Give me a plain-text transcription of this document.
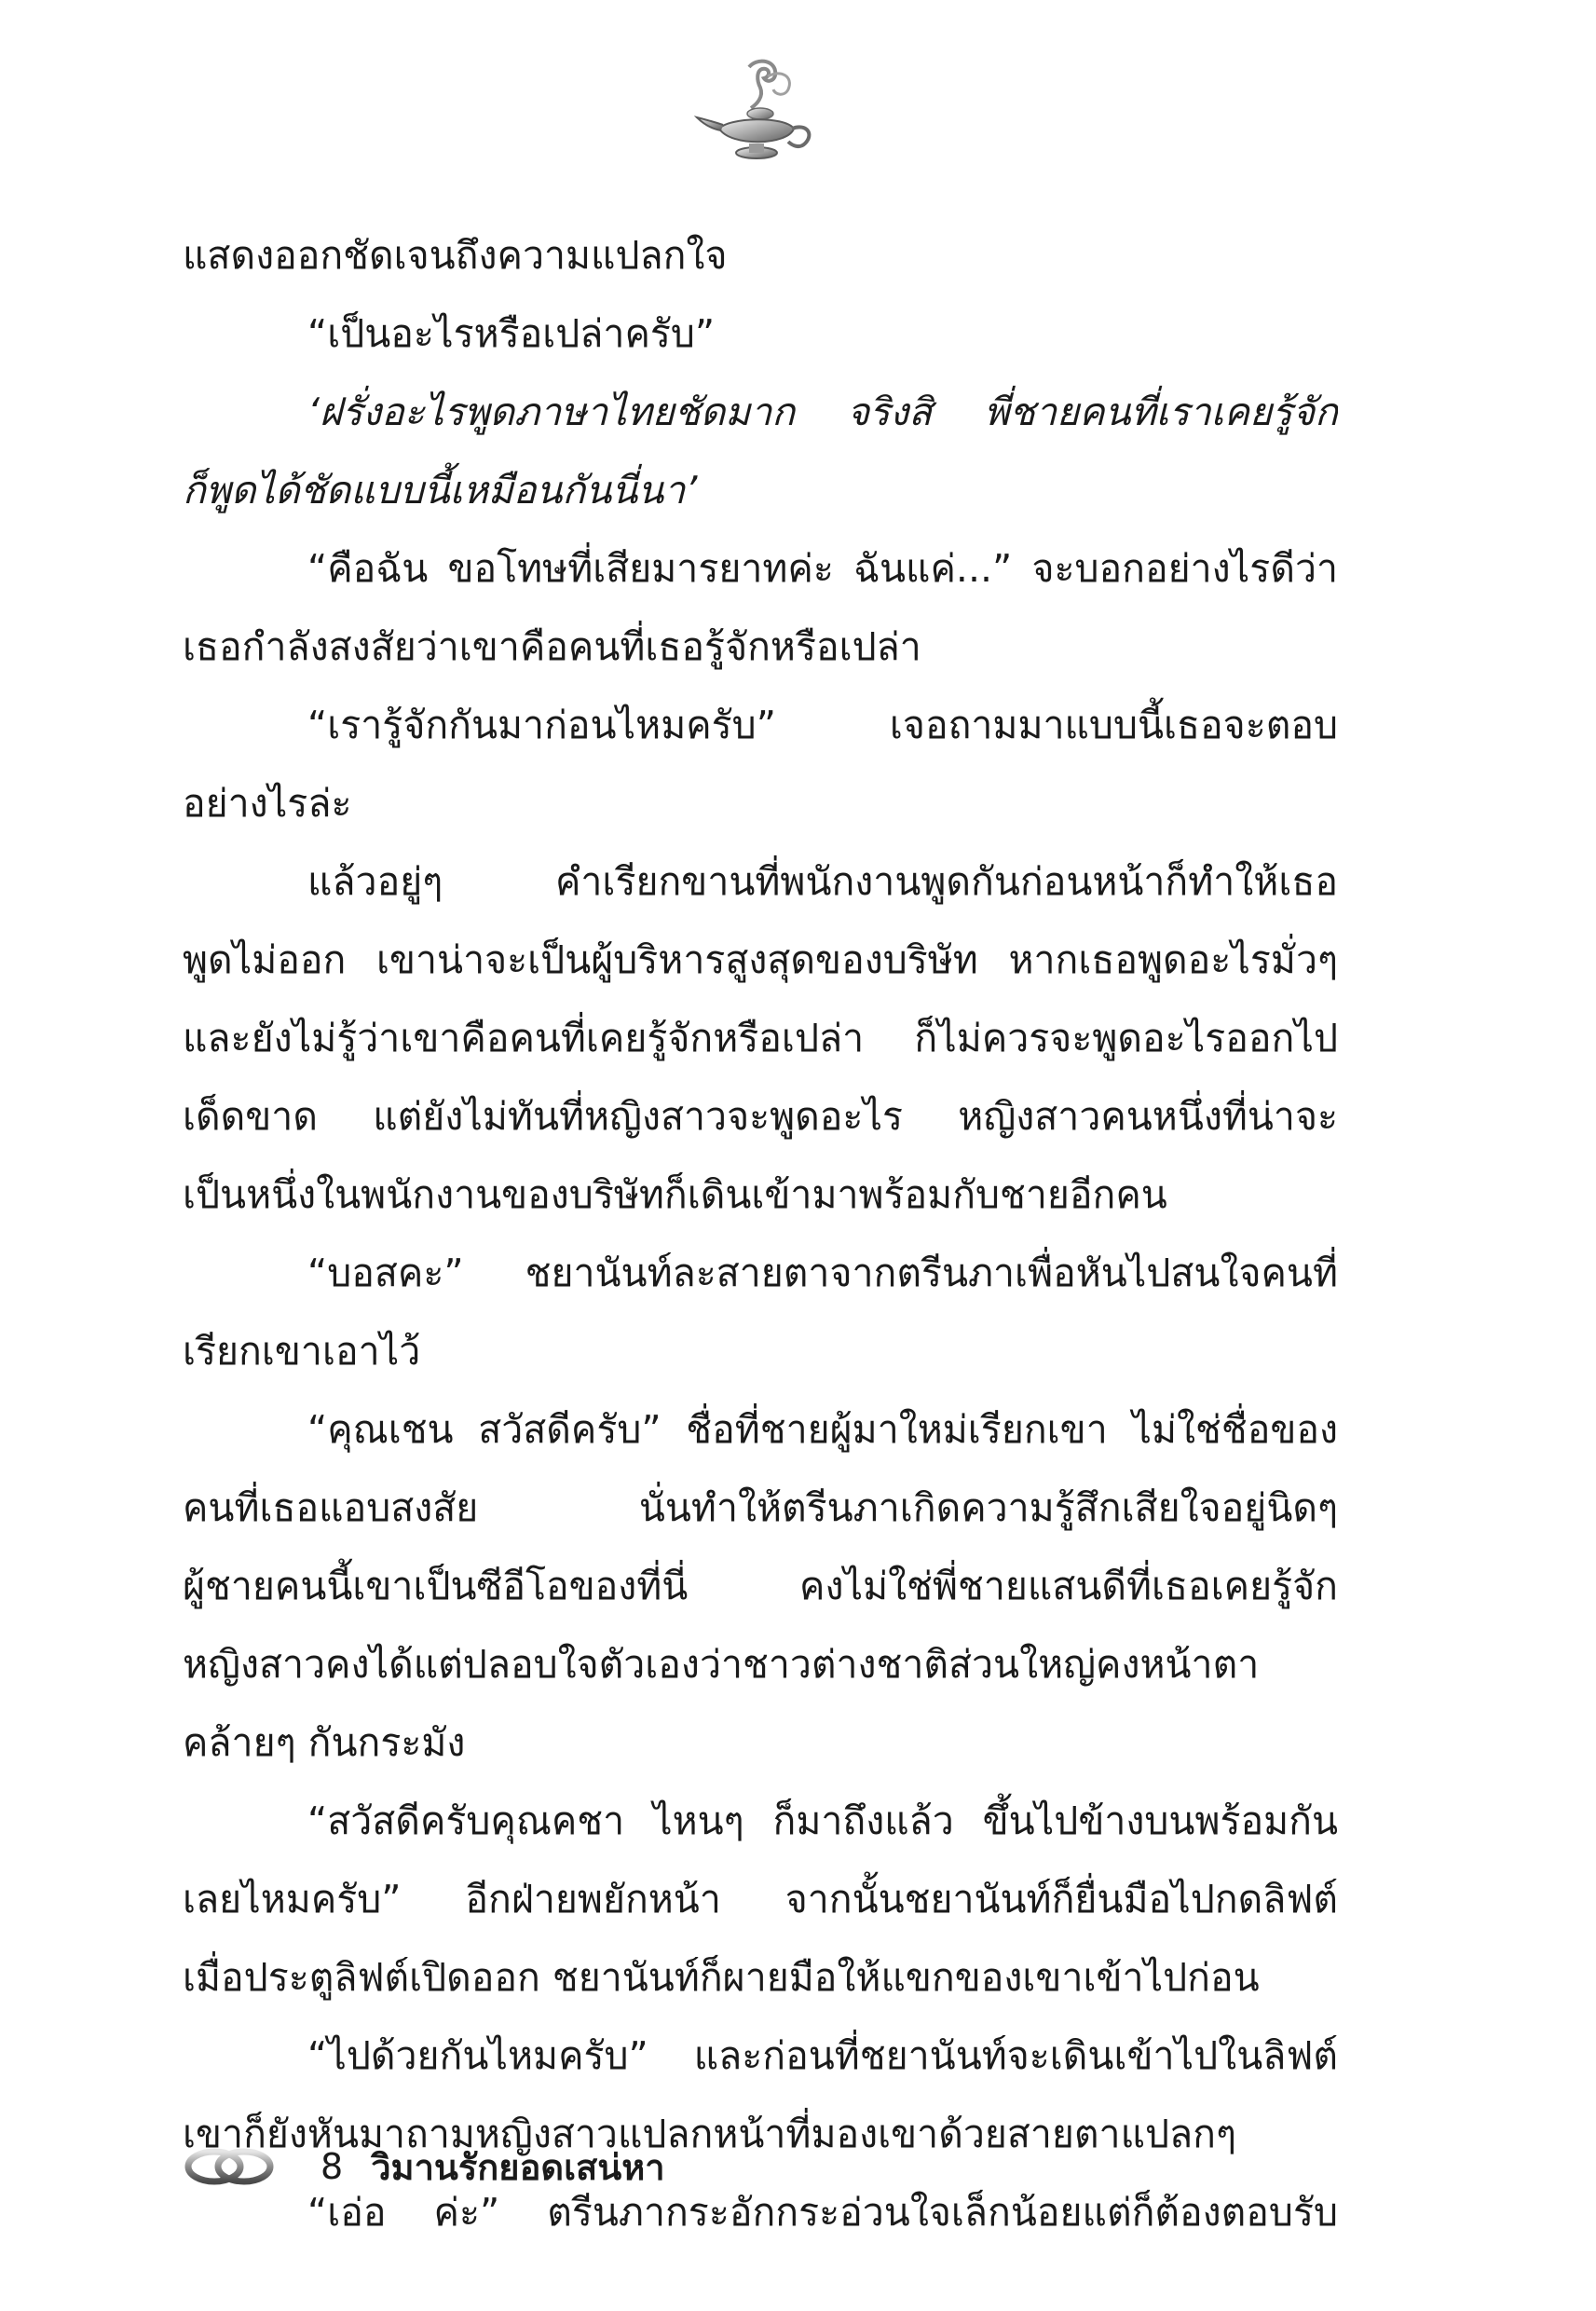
แสดงออกชัดเจนถึงความแปลกใจ
“เป็นอะไรหรือเปล่าครับ”
‘ฝรั่งอะไรพูดภาษาไทยชัดมาก จริงสิ พี่ชายคนที่เราเคยรู้จัก
ก็พูดได้ชัดแบบนี้เหมือนกันนี่นา’
“คือฉัน ขอโทษที่เสียมารยาทค่ะ ฉันแค่...” จะบอกอย่างไรดีว่า
เธอกำลังสงสัยว่าเขาคือคนที่เธอรู้จักหรือเปล่า
“เรารู้จักกันมาก่อนไหมครับ” เจอถามมาแบบนี้เธอจะตอบ
อย่างไรล่ะ
แล้วอยู่ๆ คำเรียกขานที่พนักงานพูดกันก่อนหน้าก็ทำให้เธอ
พูดไม่ออก เขาน่าจะเป็นผู้บริหารสูงสุดของบริษัท หากเธอพูดอะไรมั่วๆ
และยังไม่รู้ว่าเขาคือคนที่เคยรู้จักหรือเปล่า ก็ไม่ควรจะพูดอะไรออกไป
เด็ดขาด แต่ยังไม่ทันที่หญิงสาวจะพูดอะไร หญิงสาวคนหนึ่งที่น่าจะ
เป็นหนึ่งในพนักงานของบริษัทก็เดินเข้ามาพร้อมกับชายอีกคน
“บอสคะ” ชยานันท์ละสายตาจากตรีนภาเพื่อหันไปสนใจคนที่
เรียกเขาเอาไว้
“คุณเชน สวัสดีครับ” ชื่อที่ชายผู้มาใหม่เรียกเขา ไม่ใช่ชื่อของ
คนที่เธอแอบสงสัย นั่นทำให้ตรีนภาเกิดความรู้สึกเสียใจอยู่นิดๆ
ผู้ชายคนนี้เขาเป็นซีอีโอของที่นี่ คงไม่ใช่พี่ชายแสนดีที่เธอเคยรู้จัก
หญิงสาวคงได้แต่ปลอบใจตัวเองว่าชาวต่างชาติส่วนใหญ่คงหน้าตา
คล้ายๆ กันกระมัง
“สวัสดีครับคุณคชา ไหนๆ ก็มาถึงแล้ว ขึ้นไปข้างบนพร้อมกัน
เลยไหมครับ” อีกฝ่ายพยักหน้า จากนั้นชยานันท์ก็ยื่นมือไปกดลิฟต์
เมื่อประตูลิฟต์เปิดออก ชยานันท์ก็ผายมือให้แขกของเขาเข้าไปก่อน
“ไปด้วยกันไหมครับ” และก่อนที่ชยานันท์จะเดินเข้าไปในลิฟต์
เขาก็ยังหันมาถามหญิงสาวแปลกหน้าที่มองเขาด้วยสายตาแปลกๆ
“เอ่อ ค่ะ” ตรีนภากระอักกระอ่วนใจเล็กน้อยแต่ก็ต้องตอบรับ
8 วิมานรักยอดเสน่หา
